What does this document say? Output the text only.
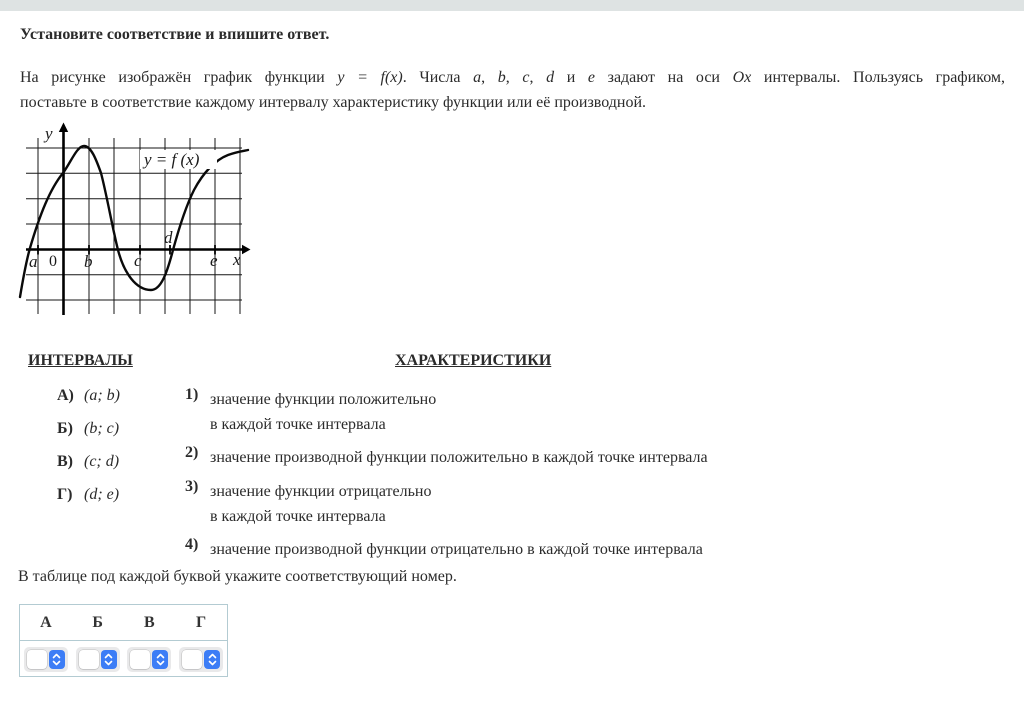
Установите соответствие и впишите ответ.
На рисунке изображён график функции y = f(x). Числа a, b, c, d и e задают на оси Ox интервалы. Пользуясь графиком,
поставьте в соответствие каждому интервалу характеристику функции или её производной.
y = f (x)
y
x
a 0 b c
d
e
ИНТЕРВАЛЫ	ХАРАКТЕРИСТИКИ
А) (a; b)
Б) (b; c)
В) (c; d)
Г) (d; e)
1) значение функции положительно
в каждой точке интервала
2) значение производной функции положительно в каждой точке интервала
3) значение функции отрицательно
в каждой точке интервала
4) значение производной функции отрицательно в каждой точке интервала
В таблице под каждой буквой укажите соответствующий номер.
А	Б	В	Г
